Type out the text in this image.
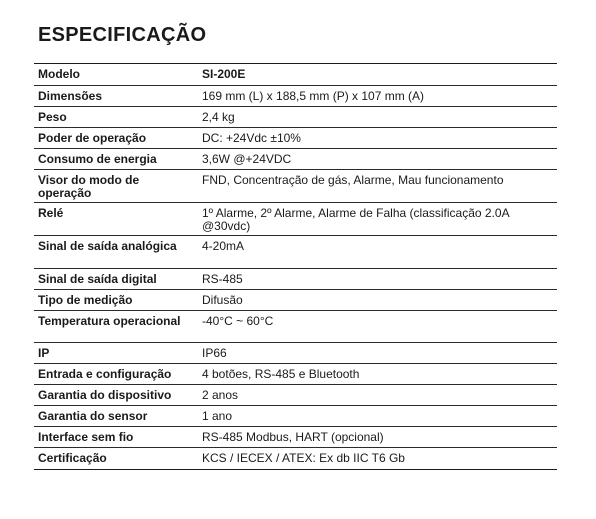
ESPECIFICAÇÃO
Modelo	SI-200E
Dimensões	169 mm (L) x 188,5 mm (P) x 107 mm (A)
Peso	2,4 kg
Poder de operação	DC: +24Vdc ±10%
Consumo de energia	3,6W @+24VDC
Visor do modo de operação	FND, Concentração de gás, Alarme, Mau funcionamento
Relé	1º Alarme, 2º Alarme, Alarme de Falha (classificação 2.0A @30vdc)
Sinal de saída analógica	4-20mA
Sinal de saída digital	RS-485
Tipo de medição	Difusão
Temperatura operacional	-40°C ~ 60°C
IP	IP66
Entrada e configuração	4 botões, RS-485 e Bluetooth
Garantia do dispositivo	2 anos
Garantia do sensor	1 ano
Interface sem fio	RS-485 Modbus, HART (opcional)
Certificação	KCS / IECEX / ATEX: Ex db IIC T6 Gb
